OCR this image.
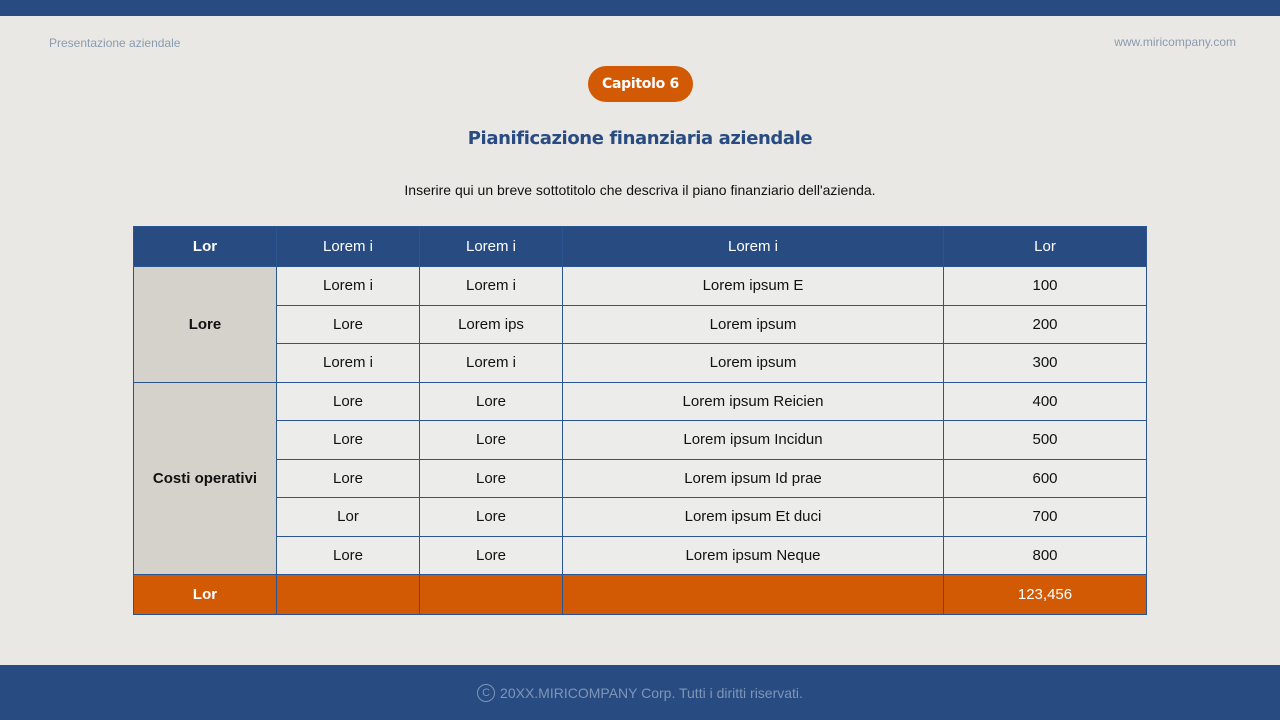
Presentazione aziendale	www.miricompany.com
Capitolo 6
Pianificazione finanziaria aziendale
Inserire qui un breve sottotitolo che descriva il piano finanziario dell'azienda.
Lor	Lorem i	Lorem i	Lorem i	Lor
Lore	Lorem i	Lorem i	Lorem ipsum E	100
	Lore	Lorem ips	Lorem ipsum	200
	Lorem i	Lorem i	Lorem ipsum	300
Costi operativi	Lore	Lore	Lorem ipsum Reicien	400
	Lore	Lore	Lorem ipsum Incidun	500
	Lore	Lore	Lorem ipsum Id prae	600
	Lor	Lore	Lorem ipsum Et duci	700
	Lore	Lore	Lorem ipsum Neque	800
Lor				123,456
C 20XX.MIRICOMPANY Corp. Tutti i diritti riservati.
